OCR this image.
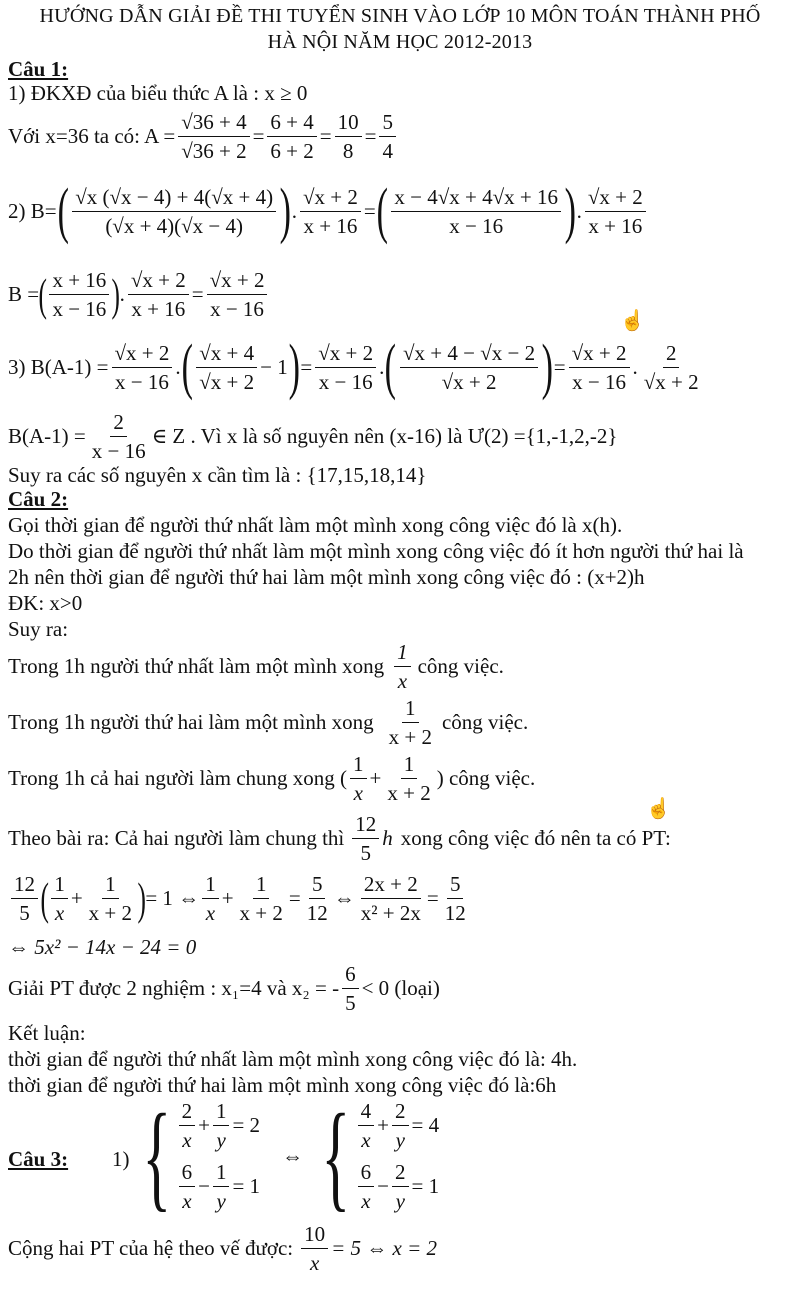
HƯỚNG DẪN GIẢI ĐỀ THI TUYỂN SINH VÀO LỚP 10 MÔN TOÁN THÀNH PHỐ
HÀ NỘI NĂM HỌC 2012-2013
Câu 1:
1) ĐKXĐ của biểu thức A là : x ≥ 0
Với x=36 ta có: $A = \frac{√36 + 4}{√36 + 2}$ =
6 + 4
6 + 2
=
10
8
=
5
4
2) B= ( √x (√x − 4) + 4(√x + 4)
(√x + 4)(√x − 4) ) .
√x + 2
x + 16
= ( x − 4√x + 4√x + 16
x − 16 ) .
√x + 2
x + 16
B = ( x + 16
x − 16 ) .
√x + 2
x + 16
=
√x + 2
x − 16	☝
3) $B(A-1) = \frac{√x + 2}{x - 16}$ . ( √x + 4
√x + 2
− 1 ) =
√x + 2
x − 16
. ( √x + 4 − √x − 2
√x + 2 ) =
√x + 2
x − 16
.
2
√x + 2
$B(A-1) = \frac{2}{x - 16}$ ∈ Z . Vì x là số nguyên nên (x-16) là Ư(2) ={1,-1,2,-2}
Suy ra các số nguyên x cần tìm là : {17,15,18,14}
Câu 2:
Gọi thời gian để người thứ nhất làm một mình xong công việc đó là x(h).
Do thời gian để người thứ nhất làm một mình xong công việc đó ít hơn người thứ hai là
2h nên thời gian để người thứ hai làm một mình xong công việc đó : (x+2)h
ĐK: x>0
Suy ra:
Trong 1h người thứ nhất làm một mình xong
1
x
công việc.
Trong 1h người thứ hai làm một mình xong
1
x + 2
công việc.
Trong 1h cả hai người làm chung xong (
1
x
+
1
x + 2
) công việc.
☝
Theo bài ra: Cả hai người làm chung thì
12
5
h xong công việc đó nên ta có PT:
12
5 ( 1
x
+
1
x + 2 ) = 1 ⇔
1
x
+
1
x + 2
=
5
12
⇔
2x + 2
x² + 2x
=
5
12
⇔ 5x² − 14x − 24 = 0
Giải PT được 2 nghiệm : x₁=4 và x₂ = -
6
5
< 0 (loại)
Kết luận:
thời gian để người thứ nhất làm một mình xong công việc đó là: 4h.
thời gian để người thứ hai làm một mình xong công việc đó là:6h
Câu 3: 1) { 2
x
+ $\frac{1}{y} = 2$
6
x
− $\frac{1}{y} = 1$
⇔ { 4
x
+ $\frac{2}{y} = 4$
6
x
− $\frac{2}{y} = 1$
Cộng hai PT của hệ theo vế được: $\frac{10}{x} = 5$ ⇔ x = 2
